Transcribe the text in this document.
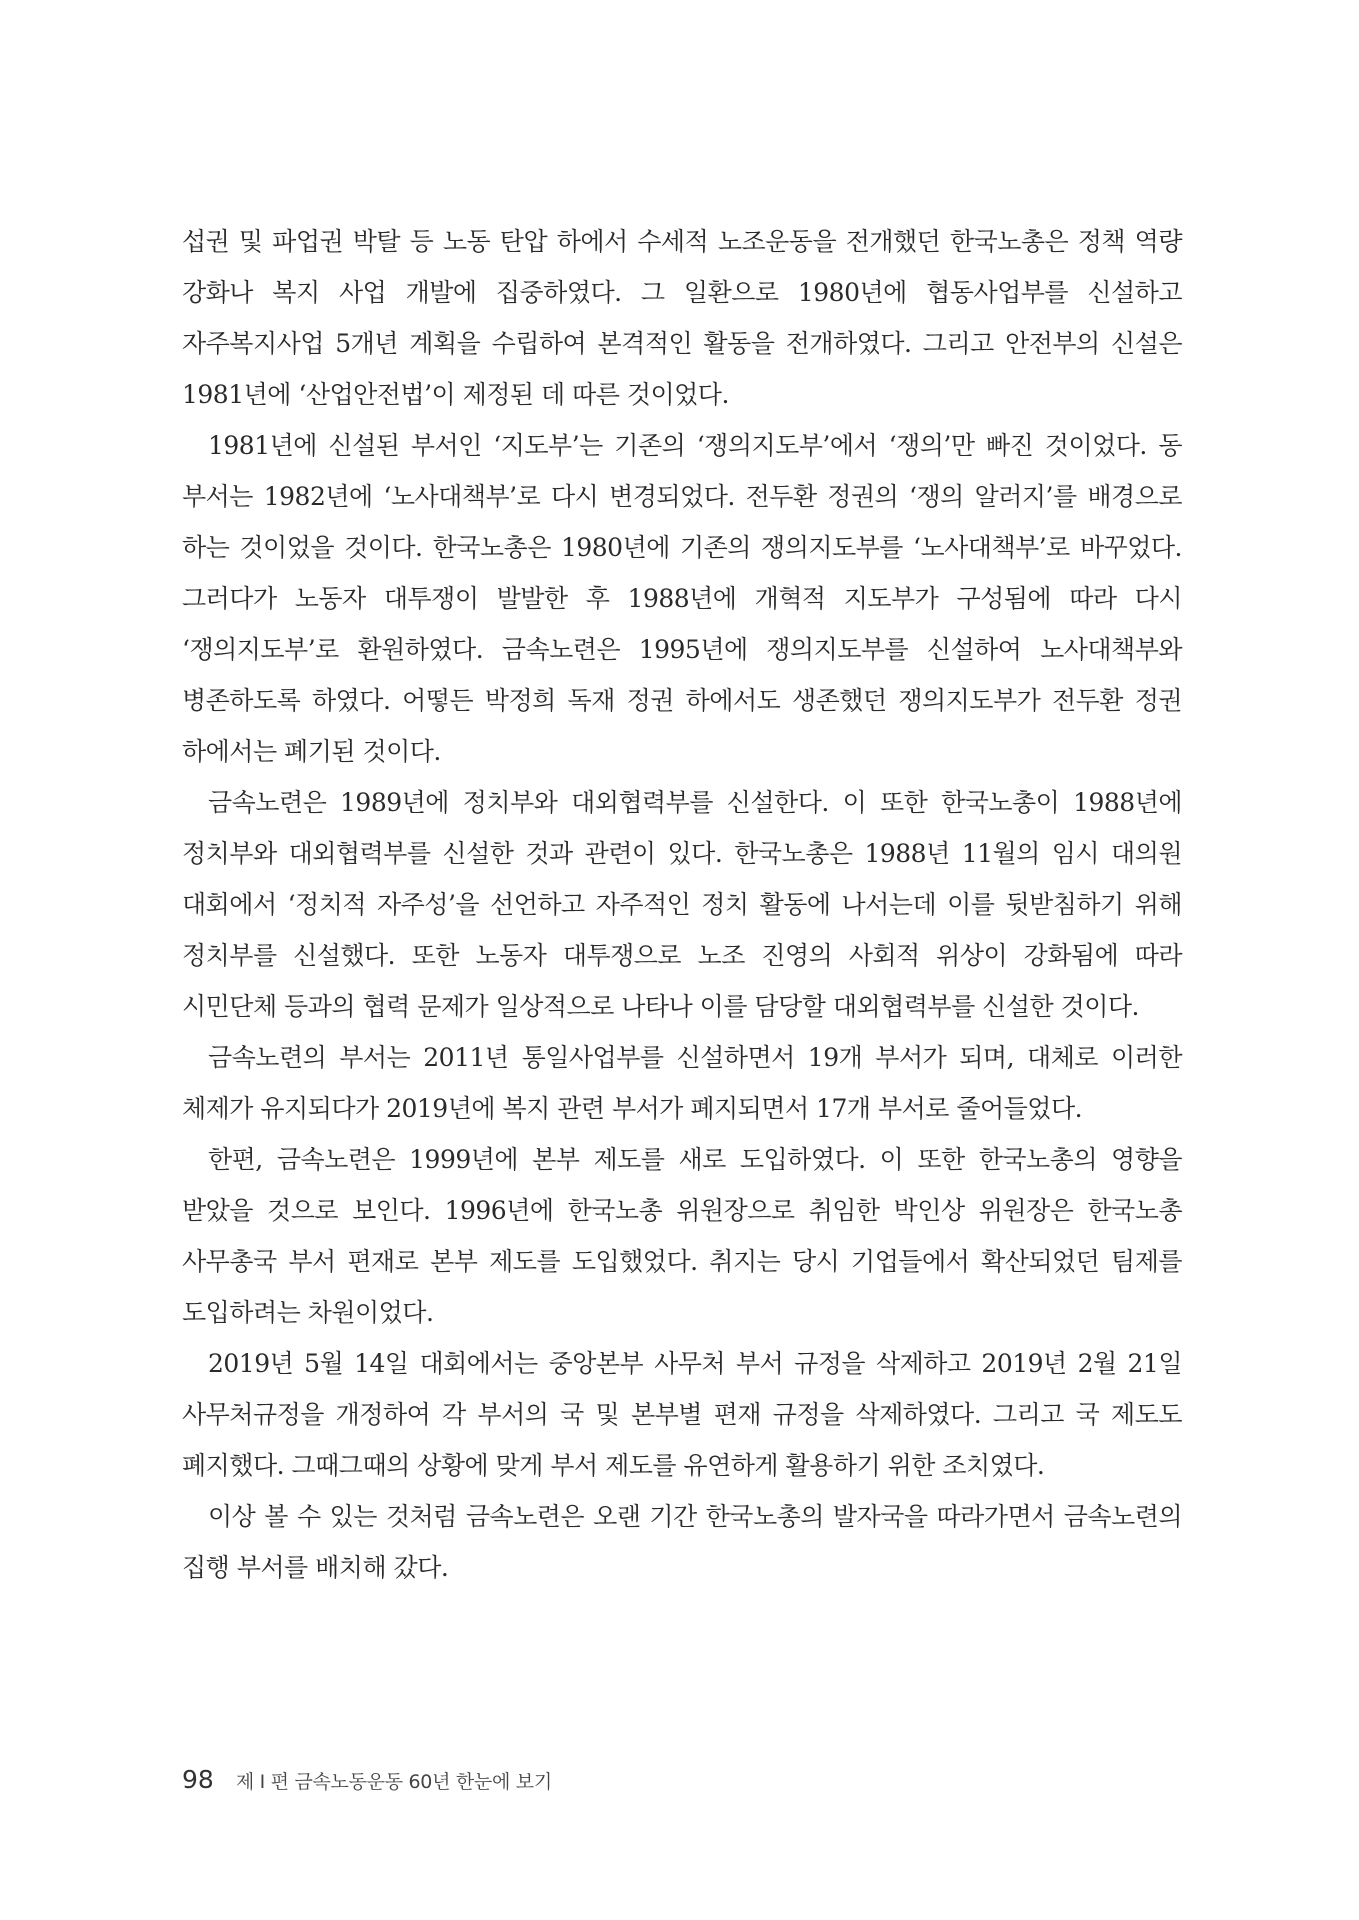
섭권 및 파업권 박탈 등 노동 탄압 하에서 수세적 노조운동을 전개했던 한국노총은 정책 역량 강화나 복지 사업 개발에 집중하였다. 그 일환으로 1980년에 협동사업부를 신설하고 자주복지사업 5개년 계획을 수립하여 본격적인 활동을 전개하였다. 그리고 안전부의 신설은 1981년에 ‘산업안전법’이 제정된 데 따른 것이었다.

1981년에 신설된 부서인 ‘지도부’는 기존의 ‘쟁의지도부’에서 ‘쟁의’만 빠진 것이었다. 동 부서는 1982년에 ‘노사대책부’로 다시 변경되었다. 전두환 정권의 ‘쟁의 알러지’를 배경으로 하는 것이었을 것이다. 한국노총은 1980년에 기존의 쟁의지도부를 ‘노사대책부’로 바꾸었다. 그러다가 노동자 대투쟁이 발발한 후 1988년에 개혁적 지도부가 구성됨에 따라 다시 ‘쟁의지도부’로 환원하였다. 금속노련은 1995년에 쟁의지도부를 신설하여 노사대책부와 병존하도록 하였다. 어떻든 박정희 독재 정권 하에서도 생존했던 쟁의지도부가 전두환 정권 하에서는 폐기된 것이다.

금속노련은 1989년에 정치부와 대외협력부를 신설한다. 이 또한 한국노총이 1988년에 정치부와 대외협력부를 신설한 것과 관련이 있다. 한국노총은 1988년 11월의 임시 대의원 대회에서 ‘정치적 자주성’을 선언하고 자주적인 정치 활동에 나서는데 이를 뒷받침하기 위해 정치부를 신설했다. 또한 노동자 대투쟁으로 노조 진영의 사회적 위상이 강화됨에 따라 시민단체 등과의 협력 문제가 일상적으로 나타나 이를 담당할 대외협력부를 신설한 것이다.

금속노련의 부서는 2011년 통일사업부를 신설하면서 19개 부서가 되며, 대체로 이러한 체제가 유지되다가 2019년에 복지 관련 부서가 폐지되면서 17개 부서로 줄어들었다.

한편, 금속노련은 1999년에 본부 제도를 새로 도입하였다. 이 또한 한국노총의 영향을 받았을 것으로 보인다. 1996년에 한국노총 위원장으로 취임한 박인상 위원장은 한국노총 사무총국 부서 편재로 본부 제도를 도입했었다. 취지는 당시 기업들에서 확산되었던 팀제를 도입하려는 차원이었다.

2019년 5월 14일 대회에서는 중앙본부 사무처 부서 규정을 삭제하고 2019년 2월 21일 사무처규정을 개정하여 각 부서의 국 및 본부별 편재 규정을 삭제하였다. 그리고 국 제도도 폐지했다. 그때그때의 상황에 맞게 부서 제도를 유연하게 활용하기 위한 조치였다.

이상 볼 수 있는 것처럼 금속노련은 오랜 기간 한국노총의 발자국을 따라가면서 금속노련의 집행 부서를 배치해 갔다.

98 제 I 편 금속노동운동 60년 한눈에 보기
